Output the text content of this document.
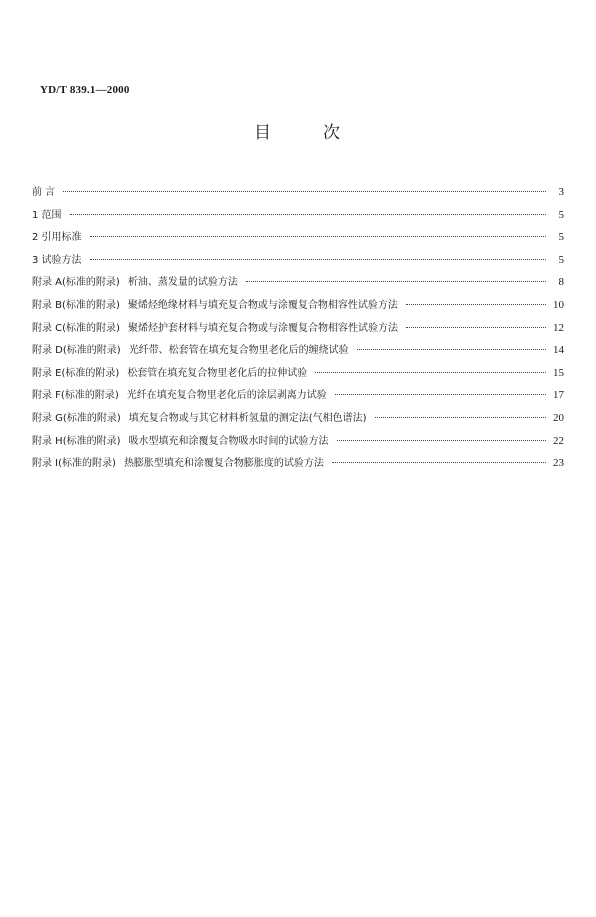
YD/T 839.1—2000
目	次
前 言	3
1 范围	5
2 引用标准	5
3 试验方法	5
附录 A(标准的附录) 析油、蒸发量的试验方法	8
附录 B(标准的附录) 聚烯烃绝缘材料与填充复合物或与涂覆复合物相容性试验方法	10
附录 C(标准的附录) 聚烯烃护套材料与填充复合物或与涂覆复合物相容性试验方法	12
附录 D(标准的附录) 光纤带、松套管在填充复合物里老化后的缠绕试验	14
附录 E(标准的附录) 松套管在填充复合物里老化后的拉伸试验	15
附录 F(标准的附录) 光纤在填充复合物里老化后的涂层剥离力试验	17
附录 G(标准的附录) 填充复合物或与其它材料析氢量的测定法(气相色谱法)	20
附录 H(标准的附录) 吸水型填充和涂覆复合物吸水时间的试验方法	22
附录 I(标准的附录) 热膨胀型填充和涂覆复合物膨胀度的试验方法	23
